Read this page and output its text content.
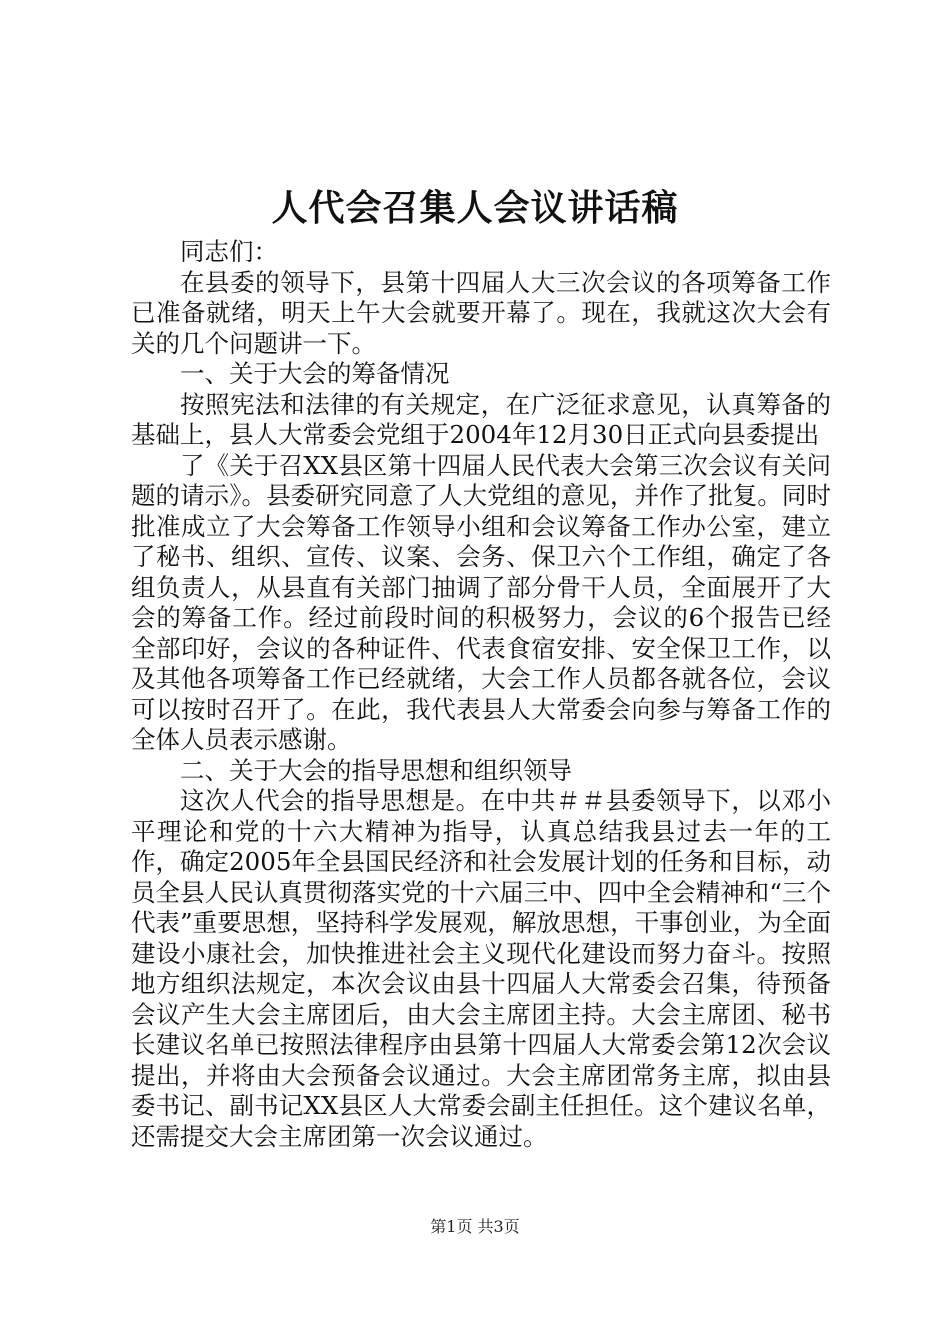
人代会召集人会议讲话稿

同志们：

在县委的领导下，县第十四届人大三次会议的各项筹备工作已准备就绪，明天上午大会就要开幕了。现在，我就这次大会有关的几个问题讲一下。

一、关于大会的筹备情况

按照宪法和法律的有关规定，在广泛征求意见，认真筹备的基础上，县人大常委会党组于2004年12月30日正式向县委提出

了《关于召XX县区第十四届人民代表大会第三次会议有关问题的请示》。县委研究同意了人大党组的意见，并作了批复。同时批准成立了大会筹备工作领导小组和会议筹备工作办公室，建立了秘书、组织、宣传、议案、会务、保卫六个工作组，确定了各组负责人，从县直有关部门抽调了部分骨干人员，全面展开了大会的筹备工作。经过前段时间的积极努力，会议的6个报告已经全部印好，会议的各种证件、代表食宿安排、安全保卫工作，以及其他各项筹备工作已经就绪，大会工作人员都各就各位，会议可以按时召开了。在此，我代表县人大常委会向参与筹备工作的全体人员表示感谢。

二、关于大会的指导思想和组织领导

这次人代会的指导思想是。在中共＃＃县委领导下，以邓小平理论和党的十六大精神为指导，认真总结我县过去一年的工作，确定2005年全县国民经济和社会发展计划的任务和目标，动员全县人民认真贯彻落实党的十六届三中、四中全会精神和“三个代表”重要思想，坚持科学发展观，解放思想，干事创业，为全面建设小康社会，加快推进社会主义现代化建设而努力奋斗。按照地方组织法规定，本次会议由县十四届人大常委会召集，待预备会议产生大会主席团后，由大会主席团主持。大会主席团、秘书长建议名单已按照法律程序由县第十四届人大常委会第12次会议提出，并将由大会预备会议通过。大会主席团常务主席，拟由县委书记、副书记XX县区人大常委会副主任担任。这个建议名单，还需提交大会主席团第一次会议通过。

第1页 共3页
